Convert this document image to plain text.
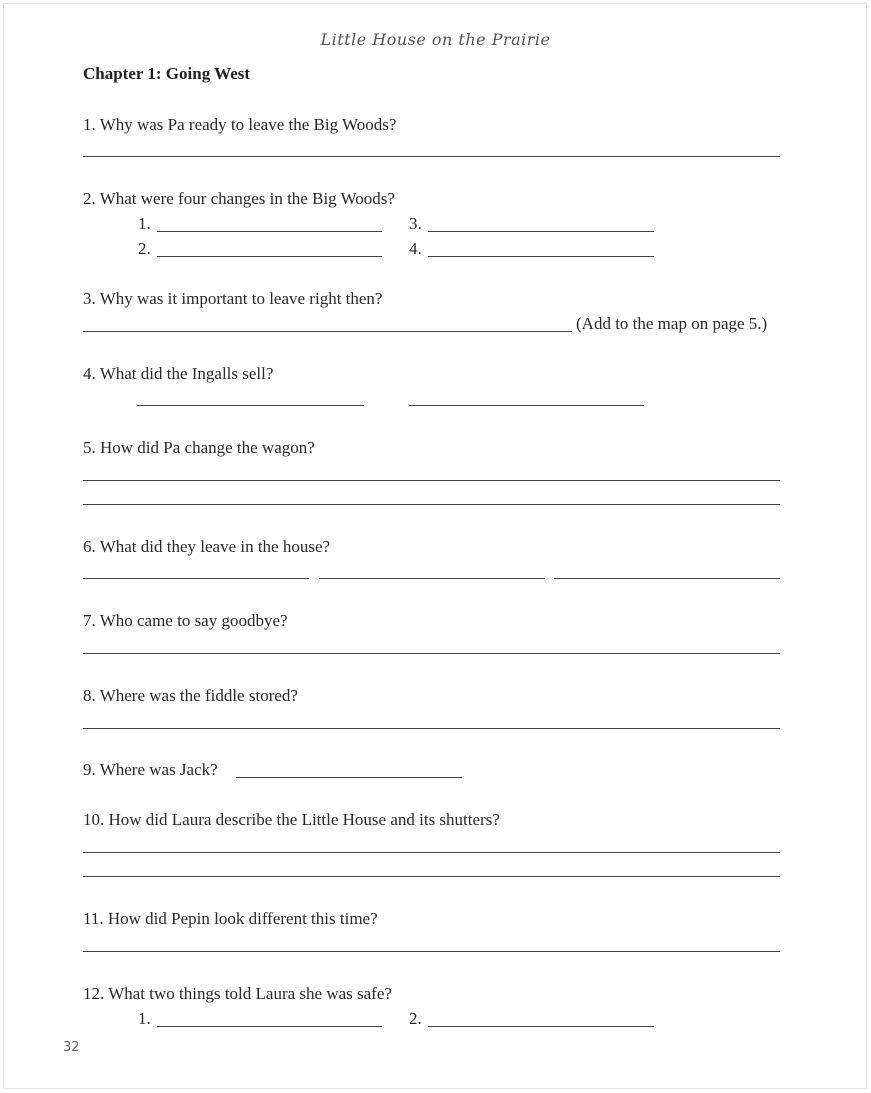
Little House on the Prairie
Chapter 1: Going West
1. Why was Pa ready to leave the Big Woods?
2. What were four changes in the Big Woods?
1.	3.
2.	4.
3. Why was it important to leave right then?
(Add to the map on page 5.)
4. What did the Ingalls sell?
5. How did Pa change the wagon?
6. What did they leave in the house?
7. Who came to say goodbye?
8. Where was the fiddle stored?
9. Where was Jack?
10. How did Laura describe the Little House and its shutters?
11. How did Pepin look different this time?
12. What two things told Laura she was safe?
1.	2.
32
